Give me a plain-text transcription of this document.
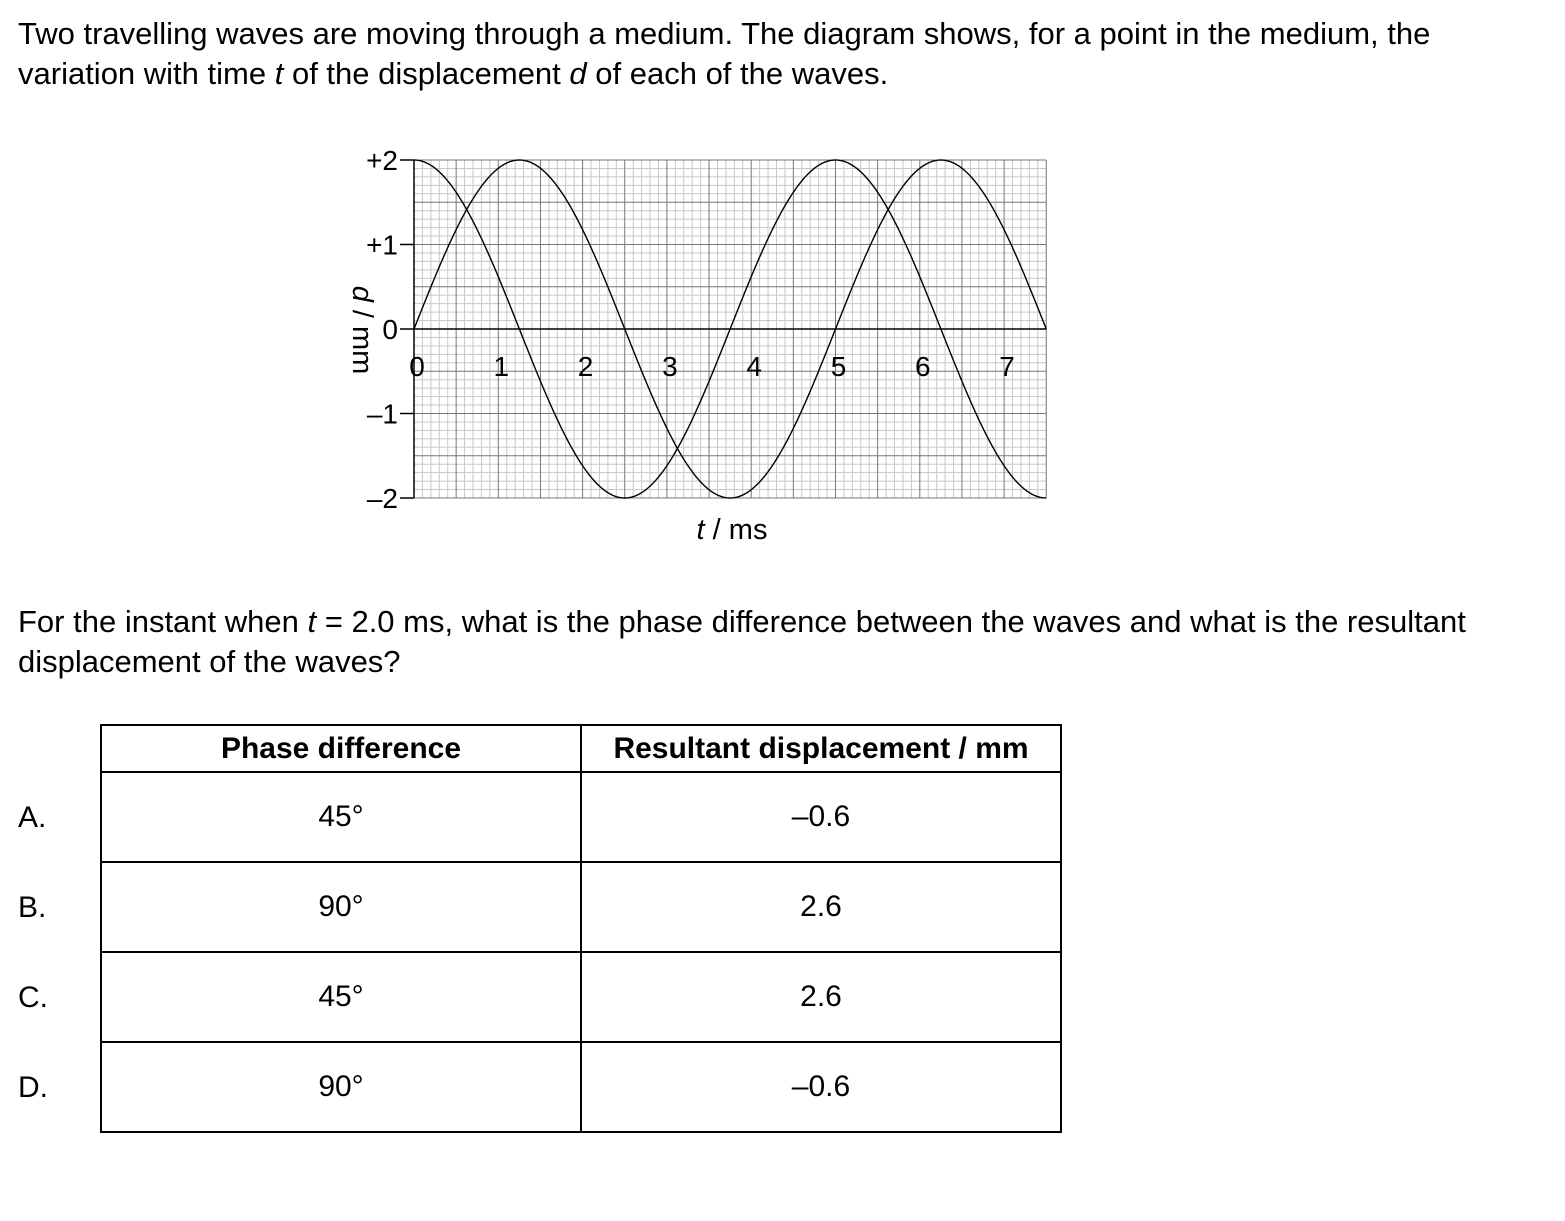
Two travelling waves are moving through a medium. The diagram shows, for a point in the medium, the variation with time t of the displacement d of each of the waves.

+2
+1
0
–1
–2
0 1 2 3 4 5 6 7
d / mm
t / ms

For the instant when t = 2.0 ms, what is the phase difference between the waves and what is the resultant displacement of the waves?

A.
B.
C.
D.
Phase difference	Resultant displacement / mm
45°	–0.6
90°	2.6
45°	2.6
90°	–0.6
